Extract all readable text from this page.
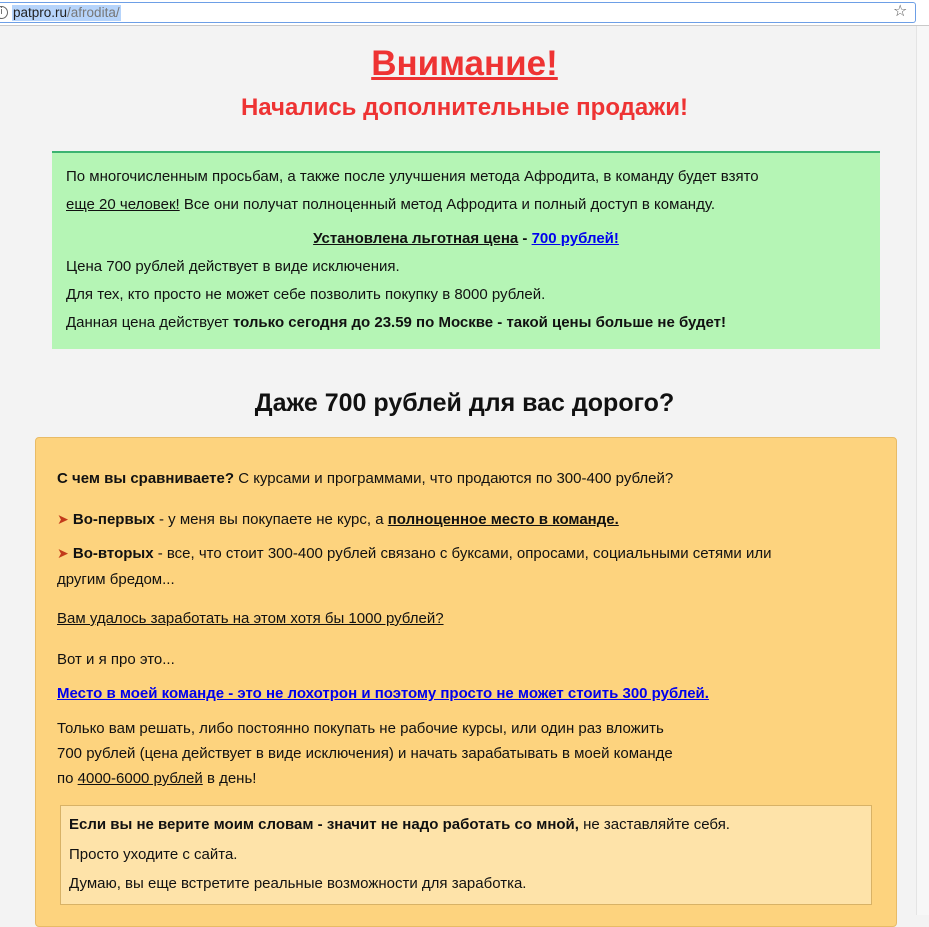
i patpro.ru/afrodita/	☆
Внимание!
Начались дополнительные продажи!

По многочисленным просьбам, а также после улучшения метода Афродита, в команду будет взято
еще 20 человек! Все они получат полноценный метод Афродита и полный доступ в команду.

Установлена льготная цена - 700 рублей!

Цена 700 рублей действует в виде исключения.

Для тех, кто просто не может себе позволить покупку в 8000 рублей.

Данная цена действует только сегодня до 23.59 по Москве - такой цены больше не будет!

Даже 700 рублей для вас дорого?

С чем вы сравниваете? С курсами и программами, что продаются по 300-400 рублей?

➤ Во-первых - у меня вы покупаете не курс, а полноценное место в команде.

➤ Во-вторых - все, что стоит 300-400 рублей связано с буксами, опросами, социальными сетями или
другим бредом...

Вам удалось заработать на этом хотя бы 1000 рублей?

Вот и я про это...

Место в моей команде - это не лохотрон и поэтому просто не может стоить 300 рублей.

Только вам решать, либо постоянно покупать не рабочие курсы, или один раз вложить
700 рублей (цена действует в виде исключения) и начать зарабатывать в моей команде
по 4000-6000 рублей в день!

Если вы не верите моим словам - значит не надо работать со мной, не заставляйте себя.

Просто уходите с сайта.

Думаю, вы еще встретите реальные возможности для заработка.
